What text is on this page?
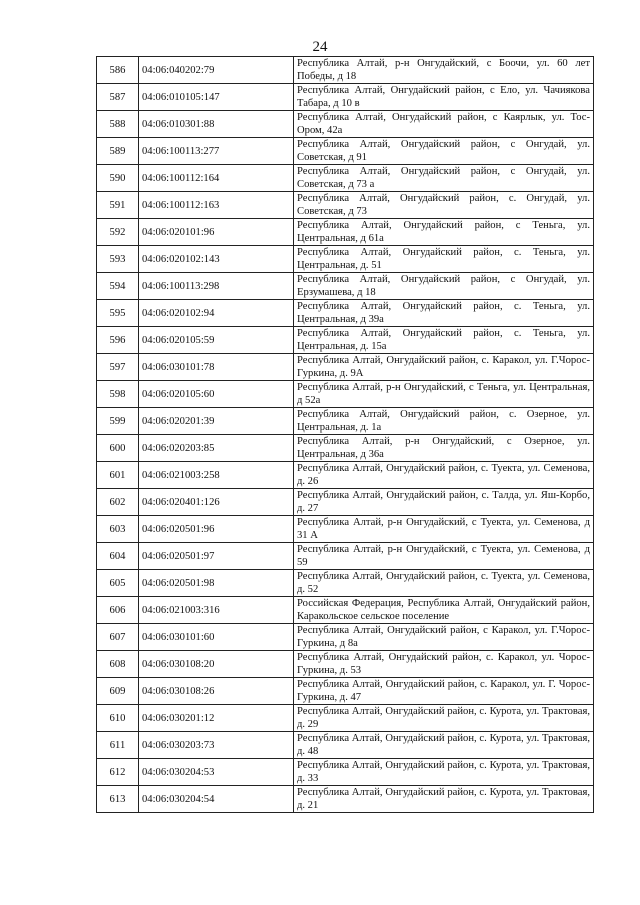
24
586	04:06:040202:79	Республика Алтай, р-н Онгудайский, с Боочи, ул. 60 лет Победы, д 18
587	04:06:010105:147	Республика Алтай, Онгудайский район, с Ело, ул. Чачиякова Табара, д 10 в
588	04:06:010301:88	Республика Алтай, Онгудайский район, с Каярлык, ул. Тос-Ором, 42а
589	04:06:100113:277	Республика Алтай, Онгудайский район, с Онгудай, ул. Советская, д 91
590	04:06:100112:164	Республика Алтай, Онгудайский район, с Онгудай, ул. Советская, д 73 а
591	04:06:100112:163	Республика Алтай, Онгудайский район, с. Онгудай, ул. Советская, д 73
592	04:06:020101:96	Республика Алтай, Онгудайский район, с Теньга, ул. Центральная, д 61а
593	04:06:020102:143	Республика Алтай, Онгудайский район, с. Теньга, ул. Центральная, д. 51
594	04:06:100113:298	Республика Алтай, Онгудайский район, с Онгудай, ул. Ерзумашева, д 18
595	04:06:020102:94	Республика Алтай, Онгудайский район, с. Теньга, ул. Центральная, д 39а
596	04:06:020105:59	Республика Алтай, Онгудайский район, с. Теньга, ул. Центральная, д. 15а
597	04:06:030101:78	Республика Алтай, Онгудайский район, с. Каракол, ул. Г.Чорос-Гуркина, д. 9А
598	04:06:020105:60	Республика Алтай, р-н Онгудайский, с Теньга, ул. Центральная, д 52а
599	04:06:020201:39	Республика Алтай, Онгудайский район, с. Озерное, ул. Центральная, д. 1а
600	04:06:020203:85	Республика Алтай, р-н Онгудайский, с Озерное, ул. Центральная, д 36а
601	04:06:021003:258	Республика Алтай, Онгудайский район, с. Туекта, ул. Семенова, д. 26
602	04:06:020401:126	Республика Алтай, Онгудайский район, с. Талда, ул. Яш-Корбо, д. 27
603	04:06:020501:96	Республика Алтай, р-н Онгудайский, с Туекта, ул. Семенова, д 31 А
604	04:06:020501:97	Республика Алтай, р-н Онгудайский, с Туекта, ул. Семенова, д 59
605	04:06:020501:98	Республика Алтай, Онгудайский район, с. Туекта, ул. Семенова, д. 52
606	04:06:021003:316	Российская Федерация, Республика Алтай, Онгудайский район, Каракольское сельское поселение
607	04:06:030101:60	Республика Алтай, Онгудайский район, с Каракол, ул. Г.Чорос-Гуркина, д 8а
608	04:06:030108:20	Республика Алтай, Онгудайский район, с. Каракол, ул. Чорос-Гуркина, д. 53
609	04:06:030108:26	Республика Алтай, Онгудайский район, с. Каракол, ул. Г. Чорос-Гуркина, д. 47
610	04:06:030201:12	Республика Алтай, Онгудайский район, с. Курота, ул. Трактовая, д. 29
611	04:06:030203:73	Республика Алтай, Онгудайский район, с. Курота, ул. Трактовая, д. 48
612	04:06:030204:53	Республика Алтай, Онгудайский район, с. Курота, ул. Трактовая, д. 33
613	04:06:030204:54	Республика Алтай, Онгудайский район, с. Курота, ул. Трактовая, д. 21
